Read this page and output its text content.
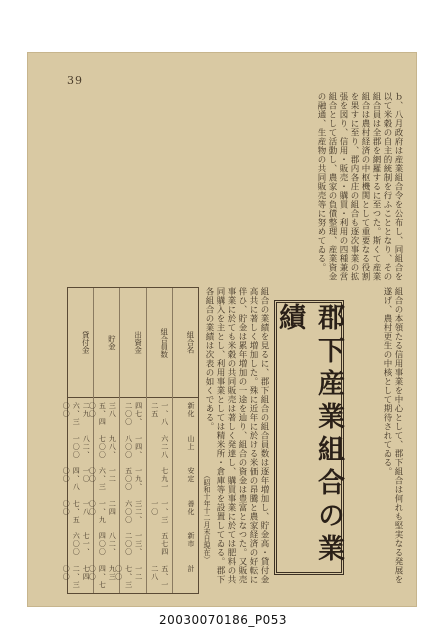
39
ｂ、八月政府は産業組合令を公布し、同組合を以て米穀の自主的統制を行ふこととなり、その組合員は全郡を網羅するに至つた。斯くて産業組合は農村経済の中枢機関として重要なる役割を果すに至り、郡内各庄の組合も逐次事業の拡張を図り、信用・販売・購買・利用の四種兼営組合として活動し、農家の負債整理、産業資金の融通、生産物の共同販売等に努めてゐる。
組合の本領たる信用事業を中心として、郡下組合は何れも堅実なる発展を遂げ、農村更生の中核として期待されてゐる。
郡下産業組合の業績
組合の業績を見るに、郡下組合の組合員数は逐年増加し、貯金高・貸付金高共に著しく増加した。殊に近年に於ける米価の昂騰と農家経済の好転に伴ひ、貯金は累年増加の一途を辿り、組合の資金は豊富となつた。又販売事業に於ても米穀の共同販売は著しく発達し、購買事業に於ては肥料の共同購入を主とし、利用事業としては精米所・倉庫等を設置してゐる。郡下各組合の業績は次表の如くである。
（昭和十年十二月末日現在）
組合名
新化
山上
安定
善化
新市
計
組合員数
一、八二五
六二八
七九一
一、三一〇
五七四
五、一二八
出資金
四七、二〇〇
一四、八〇〇
一九、五〇〇
三二、六〇〇
一三、二〇〇
一二七、三〇〇
貯金
三八五、四〇〇
九八、七〇〇
一二六、三〇〇
二四一、九〇〇
八二、四〇〇
九三四、七〇〇
貸付金
二九六、三〇〇
八二、一〇〇
一〇四、八〇〇
一八七、五〇〇
七一、六〇〇
七四二、三〇〇
20030070186_P053
